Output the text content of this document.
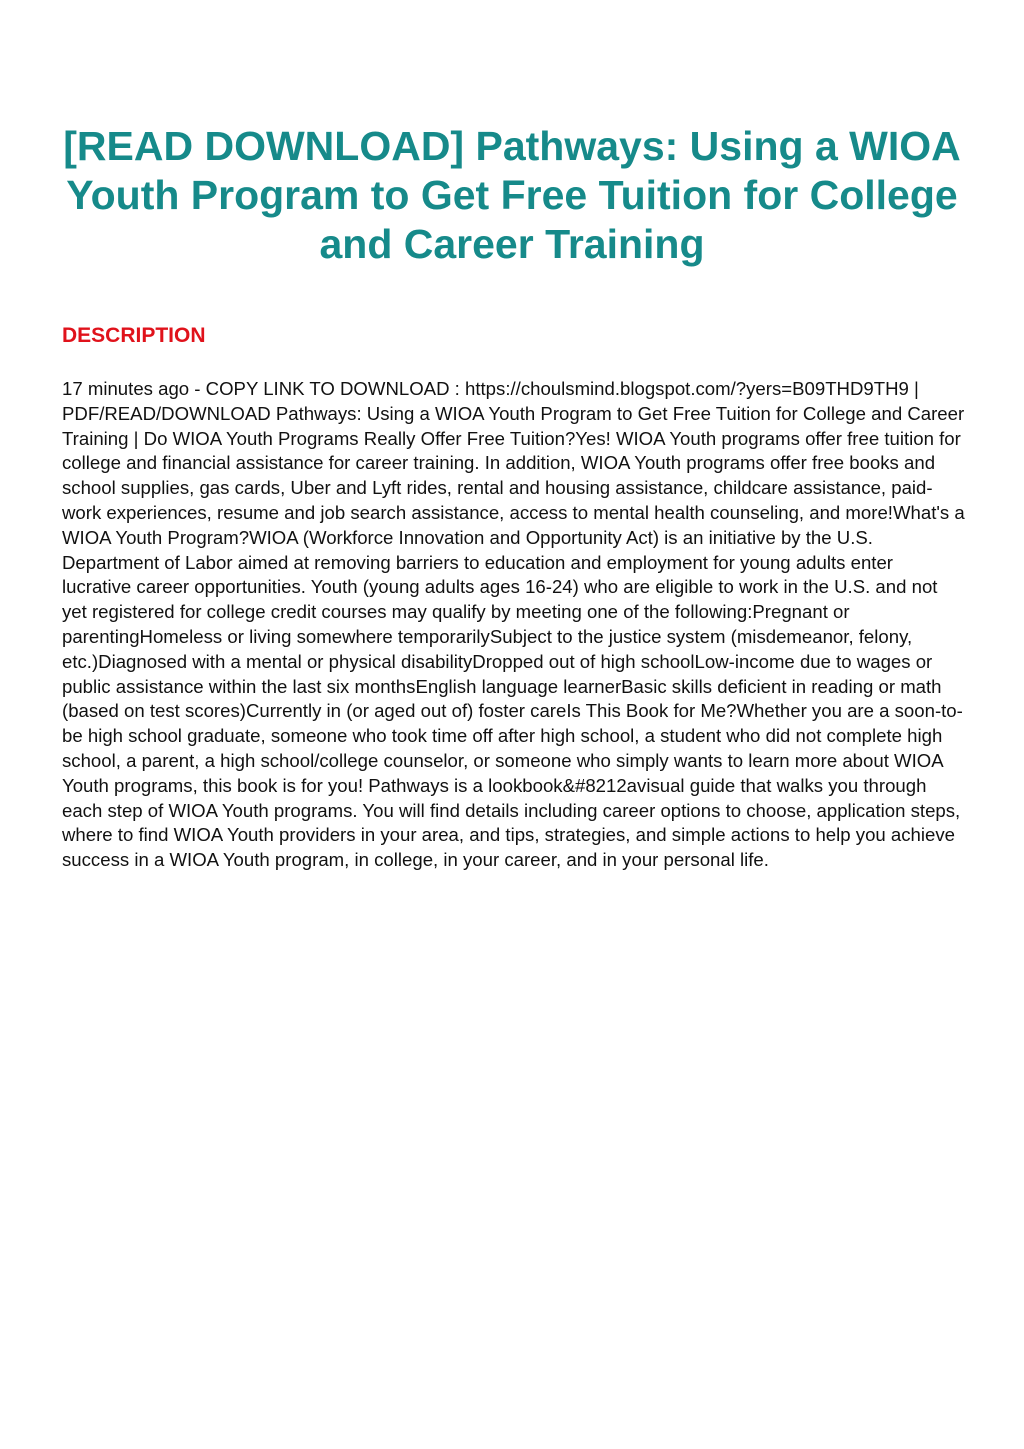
[READ DOWNLOAD] Pathways: Using a WIOA Youth Program to Get Free Tuition for College and Career Training
DESCRIPTION

17 minutes ago - COPY LINK TO DOWNLOAD : https://choulsmind.blogspot.com/?yers=B09THD9TH9 | PDF/READ/DOWNLOAD Pathways: Using a WIOA Youth Program to Get Free Tuition for College and Career Training | Do WIOA Youth Programs Really Offer Free Tuition?Yes! WIOA Youth programs offer free tuition for college and financial assistance for career training. In addition, WIOA Youth programs offer free books and school supplies, gas cards, Uber and Lyft rides, rental and housing assistance, childcare assistance, paid-work experiences, resume and job search assistance, access to mental health counseling, and more!What's a WIOA Youth Program?WIOA (Workforce Innovation and Opportunity Act) is an initiative by the U.S. Department of Labor aimed at removing barriers to education and employment for young adults enter lucrative career opportunities. Youth (young adults ages 16-24) who are eligible to work in the U.S. and not yet registered for college credit courses may qualify by meeting one of the following:Pregnant or parentingHomeless or living somewhere temporarilySubject to the justice system (misdemeanor, felony, etc.)Diagnosed with a mental or physical disabilityDropped out of high schoolLow-income due to wages or public assistance within the last six monthsEnglish language learnerBasic skills deficient in reading or math (based on test scores)Currently in (or aged out of) foster careIs This Book for Me?Whether you are a soon-to-be high school graduate, someone who took time off after high school, a student who did not complete high school, a parent, a high school/college counselor, or someone who simply wants to learn more about WIOA Youth programs, this book is for you! Pathways is a lookbook&#8212avisual guide that walks you through each step of WIOA Youth programs. You will find details including career options to choose, application steps, where to find WIOA Youth providers in your area, and tips, strategies, and simple actions to help you achieve success in a WIOA Youth program, in college, in your career, and in your personal life.
